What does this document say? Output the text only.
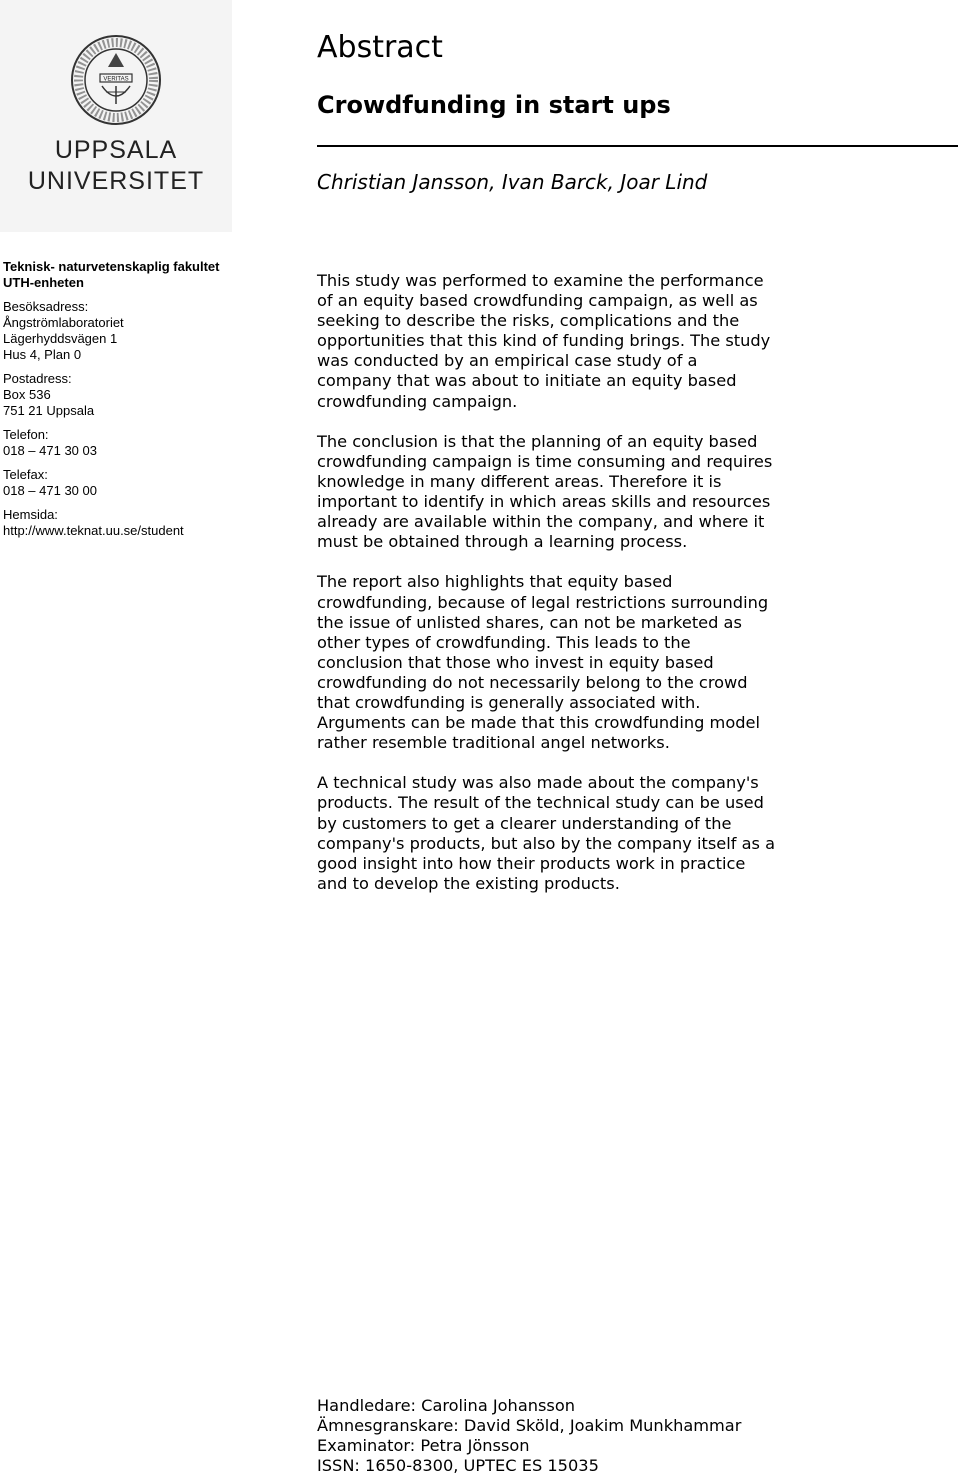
VERITAS
UPPSALA
UNIVERSITET
Abstract
Crowdfunding in start ups
Christian Jansson, Ivan Barck, Joar Lind
Teknisk- naturvetenskaplig fakultet
UTH-enheten
Besöksadress:
Ångströmlaboratoriet
Lägerhyddsvägen 1
Hus 4, Plan 0
Postadress:
Box 536
751 21 Uppsala
Telefon:
018 – 471 30 03
Telefax:
018 – 471 30 00
Hemsida:
http://www.teknat.uu.se/student

This study was performed to examine the performance
of an equity based crowdfunding campaign, as well as
seeking to describe the risks, complications and the
opportunities that this kind of funding brings. The study
was conducted by an empirical case study of a
company that was about to initiate an equity based
crowdfunding campaign.

The conclusion is that the planning of an equity based
crowdfunding campaign is time consuming and requires
knowledge in many different areas. Therefore it is
important to identify in which areas skills and resources
already are available within the company, and where it
must be obtained through a learning process.

The report also highlights that equity based
crowdfunding, because of legal restrictions surrounding
the issue of unlisted shares, can not be marketed as
other types of crowdfunding. This leads to the
conclusion that those who invest in equity based
crowdfunding do not necessarily belong to the crowd
that crowdfunding is generally associated with.
Arguments can be made that this crowdfunding model
rather resemble traditional angel networks.

A technical study was also made about the company's
products. The result of the technical study can be used
by customers to get a clearer understanding of the
company's products, but also by the company itself as a
good insight into how their products work in practice
and to develop the existing products.

Handledare: Carolina Johansson
Ämnesgranskare: David Sköld, Joakim Munkhammar
Examinator: Petra Jönsson
ISSN: 1650-8300, UPTEC ES 15035
